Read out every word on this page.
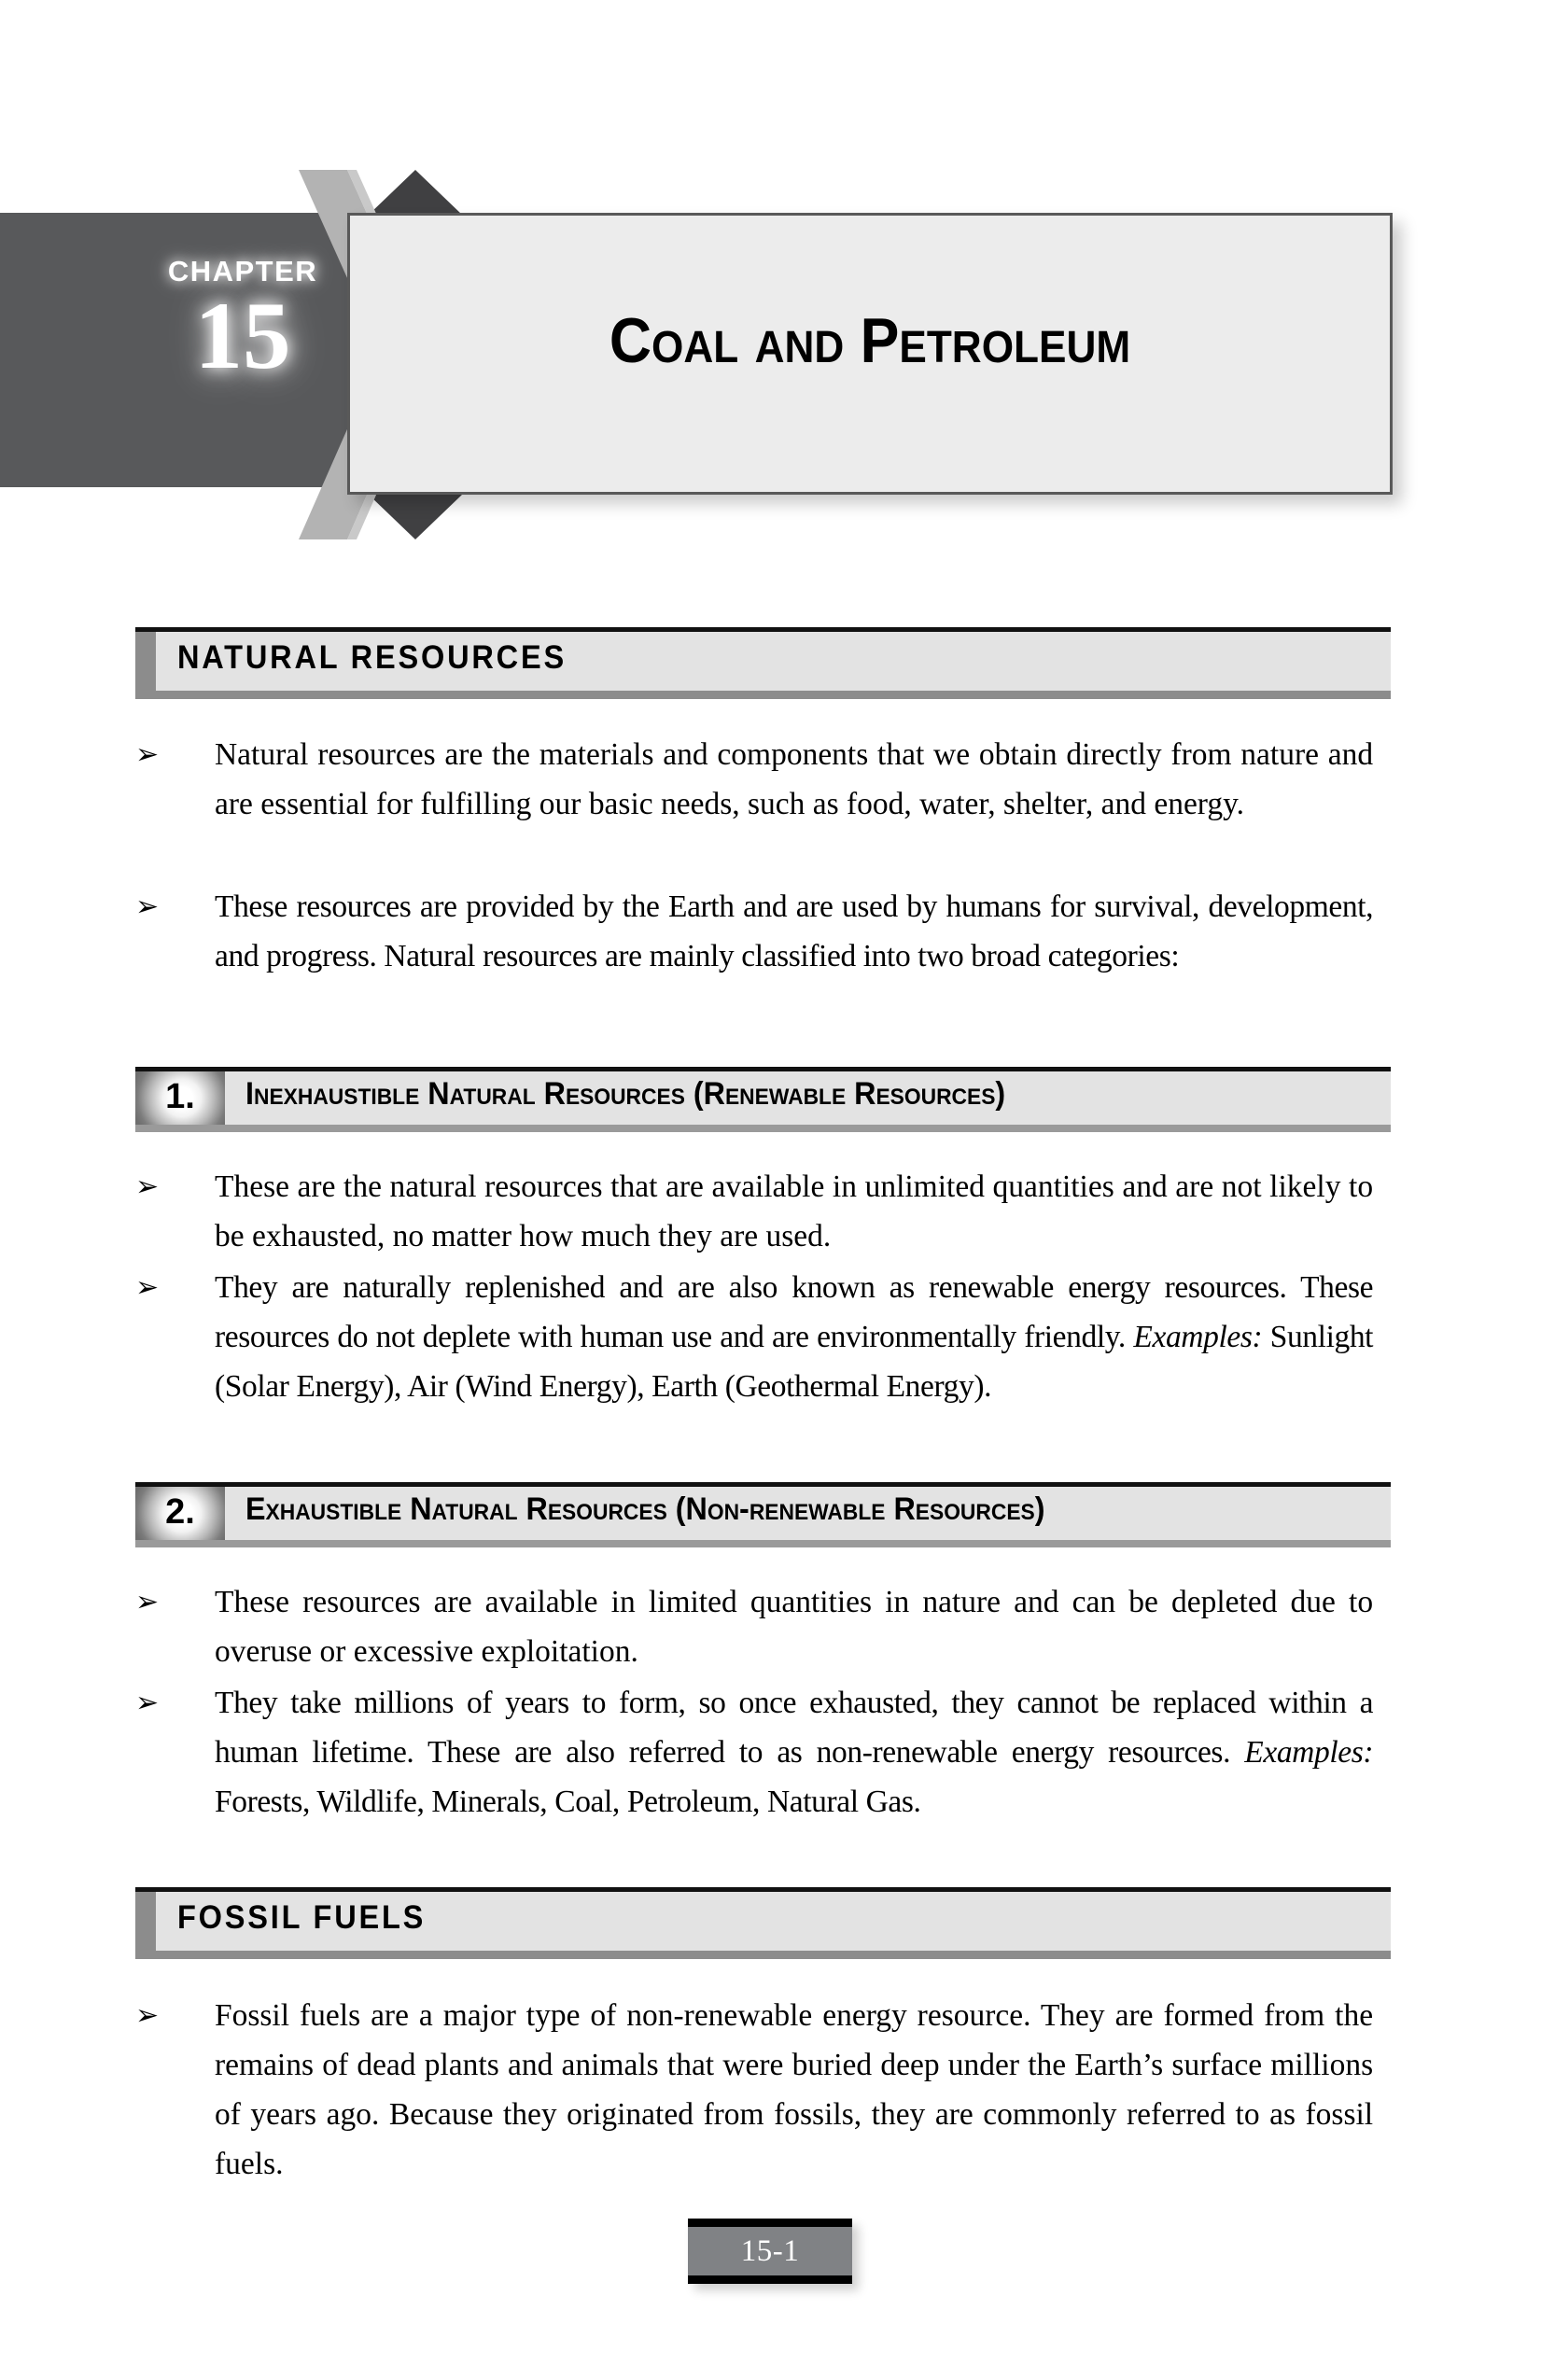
CHAPTER
15	Coal and Petroleum
NATURAL RESOURCES
➢	Natural resources are the materials and components that we obtain directly from nature and are essential for fulfilling our basic needs, such as food, water, shelter, and energy.
➢	These resources are provided by the Earth and are used by humans for survival, development, and progress. Natural resources are mainly classified into two broad categories:
1.	Inexhaustible Natural Resources (Renewable Resources)
➢	These are the natural resources that are available in unlimited quantities and are not likely to be exhausted, no matter how much they are used.
➢	They are naturally replenished and are also known as renewable energy resources. These resources do not deplete with human use and are environmentally friendly. Examples: Sunlight (Solar Energy), Air (Wind Energy), Earth (Geothermal Energy).
2.	Exhaustible Natural Resources (Non-renewable Resources)
➢	These resources are available in limited quantities in nature and can be depleted due to overuse or excessive exploitation.
➢	They take millions of years to form, so once exhausted, they cannot be replaced within a human lifetime. These are also referred to as non-renewable energy resources. Examples: Forests, Wildlife, Minerals, Coal, Petroleum, Natural Gas.
FOSSIL FUELS
➢	Fossil fuels are a major type of non-renewable energy resource. They are formed from the remains of dead plants and animals that were buried deep under the Earth’s surface millions of years ago. Because they originated from fossils, they are commonly referred to as fossil fuels.
15-1
